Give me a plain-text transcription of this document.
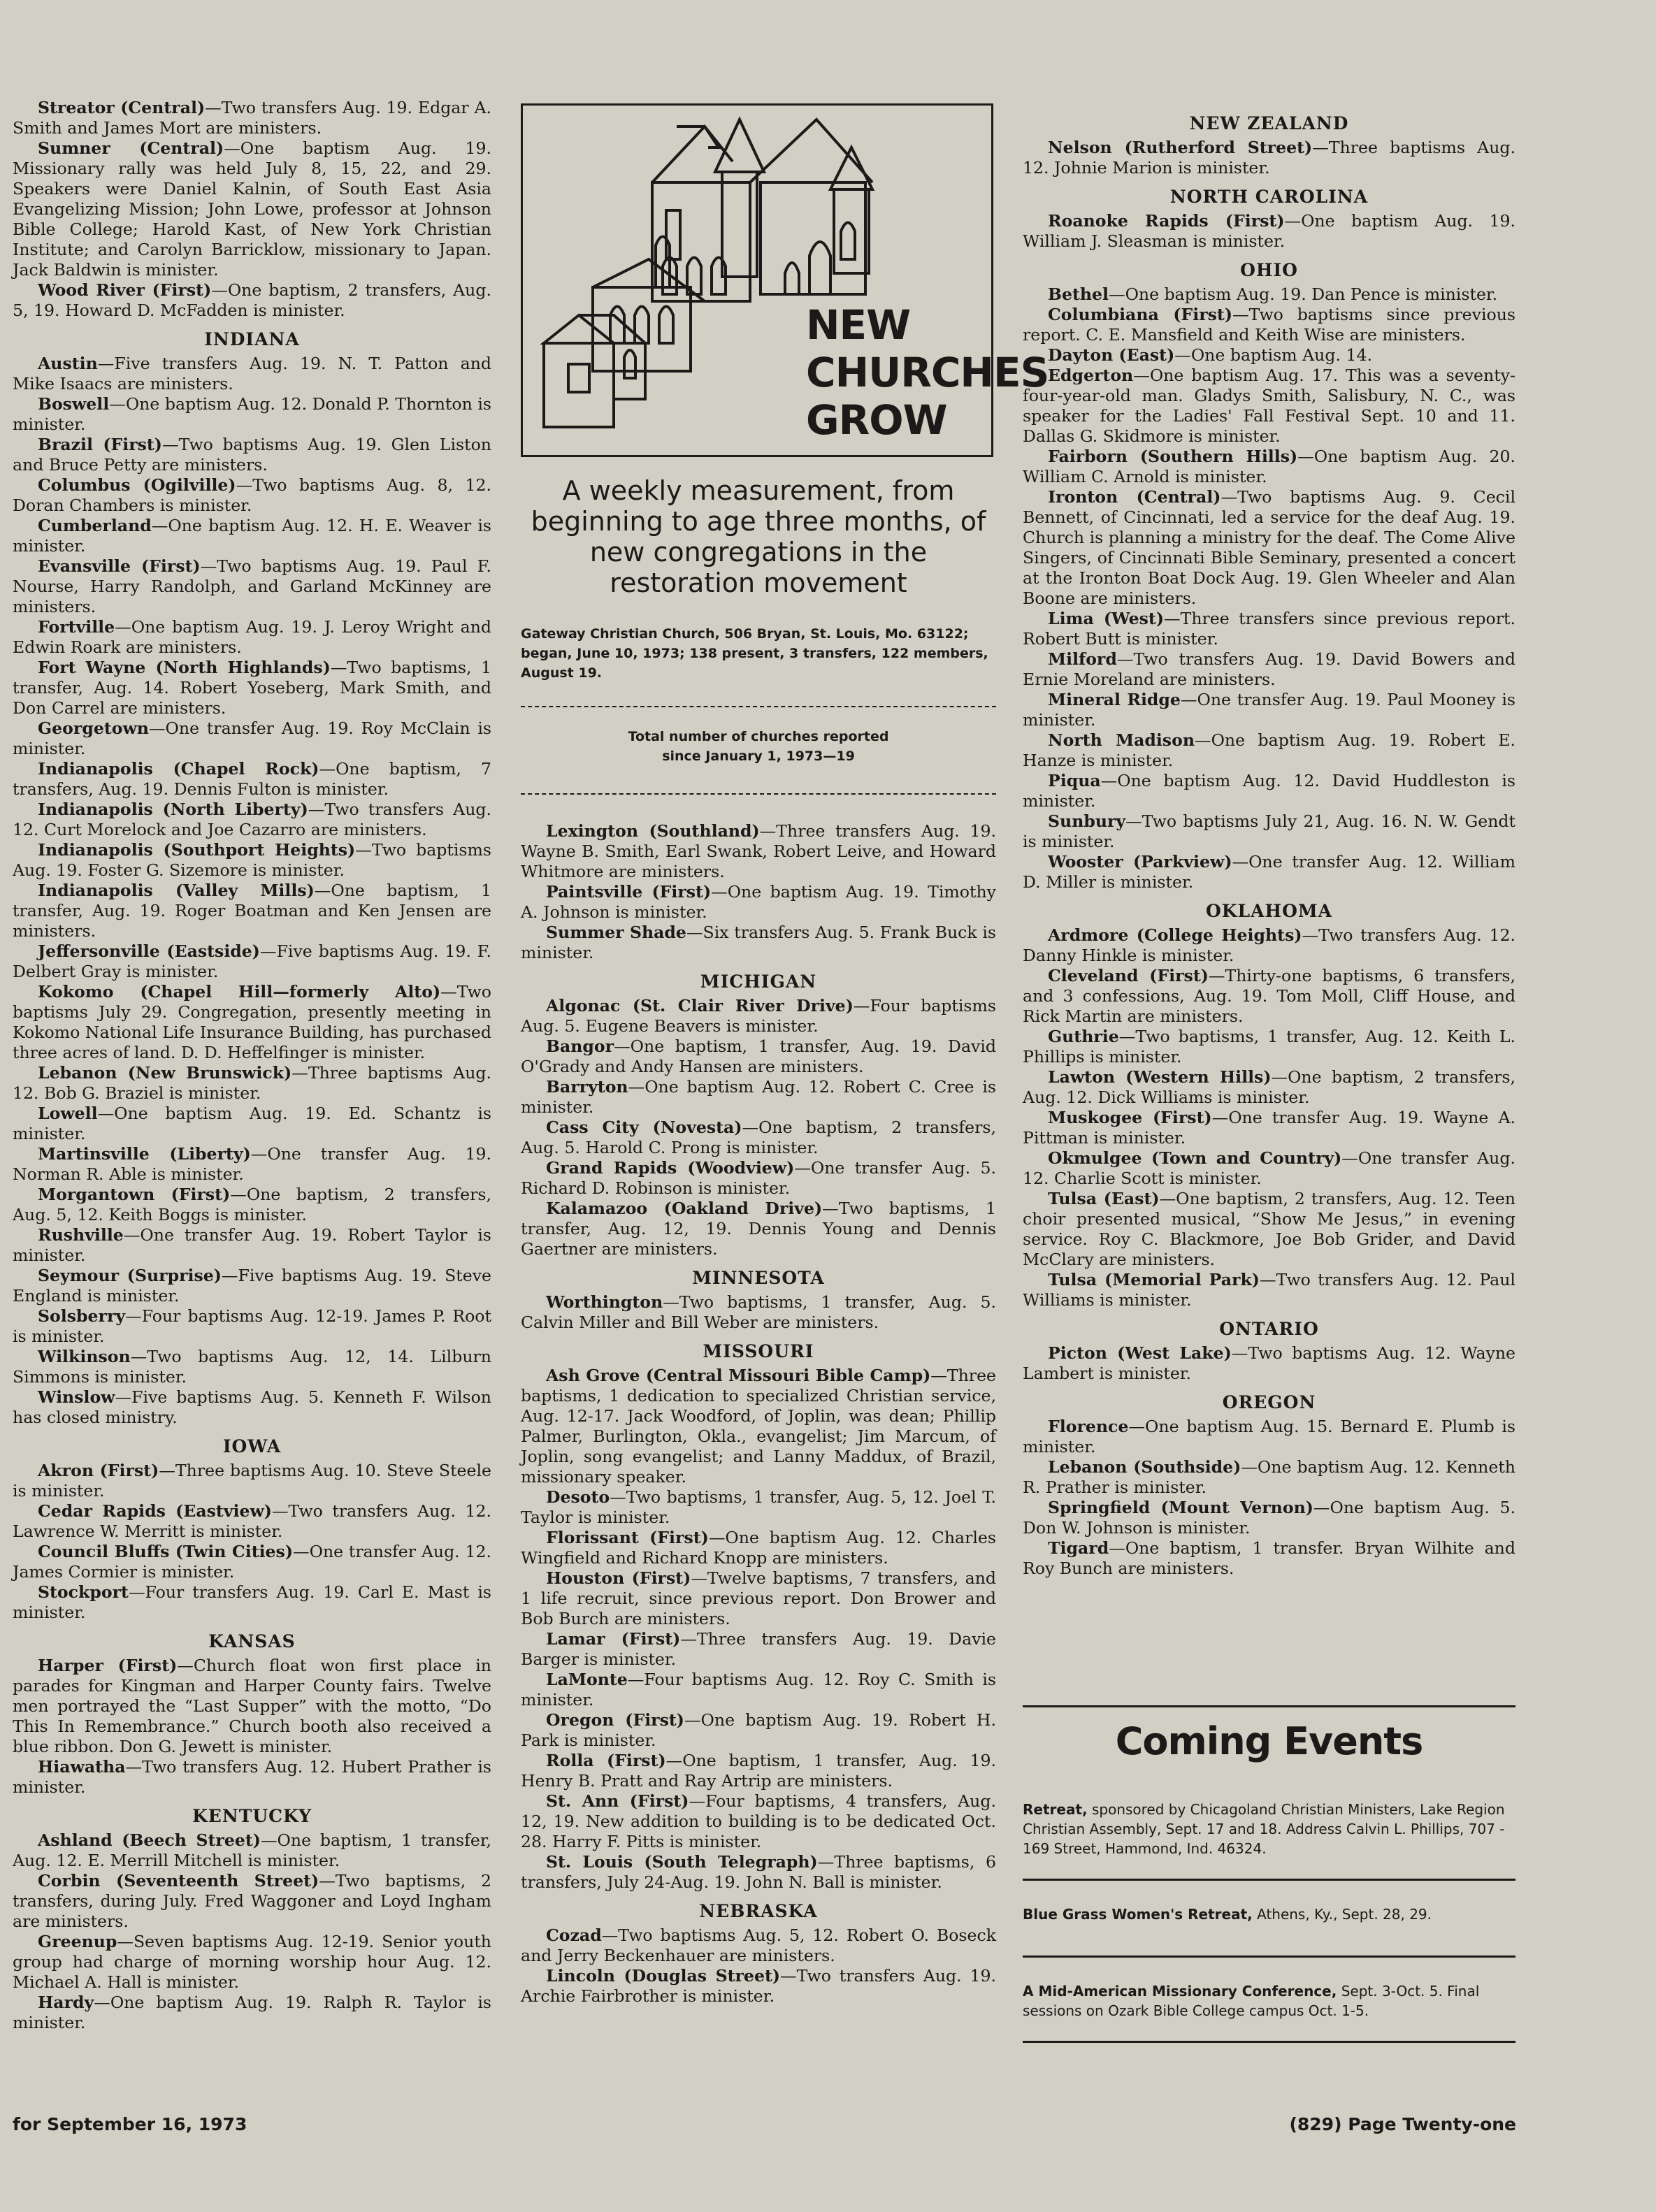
Streator (Central)—Two transfers Aug. 19. Edgar A. Smith and James Mort are ministers.

Sumner (Central)—One baptism Aug. 19. Missionary rally was held July 8, 15, 22, and 29. Speakers were Daniel Kalnin, of South East Asia Evangelizing Mission; John Lowe, professor at Johnson Bible College; Harold Kast, of New York Christian Institute; and Carolyn Barricklow, missionary to Japan. Jack Baldwin is minister.

Wood River (First)—One baptism, 2 transfers, Aug. 5, 19. Howard D. McFadden is minister.

INDIANA

Austin—Five transfers Aug. 19. N. T. Patton and Mike Isaacs are ministers.

Boswell—One baptism Aug. 12. Donald P. Thornton is minister.

Brazil (First)—Two baptisms Aug. 19. Glen Liston and Bruce Petty are ministers.

Columbus (Ogilville)—Two baptisms Aug. 8, 12. Doran Chambers is minister.

Cumberland—One baptism Aug. 12. H. E. Weaver is minister.

Evansville (First)—Two baptisms Aug. 19. Paul F. Nourse, Harry Randolph, and Garland McKinney are ministers.

Fortville—One baptism Aug. 19. J. Leroy Wright and Edwin Roark are ministers.

Fort Wayne (North Highlands)—Two baptisms, 1 transfer, Aug. 14. Robert Yoseberg, Mark Smith, and Don Carrel are ministers.

Georgetown—One transfer Aug. 19. Roy McClain is minister.

Indianapolis (Chapel Rock)—One baptism, 7 transfers, Aug. 19. Dennis Fulton is minister.

Indianapolis (North Liberty)—Two transfers Aug. 12. Curt Morelock and Joe Cazarro are ministers.

Indianapolis (Southport Heights)—Two baptisms Aug. 19. Foster G. Sizemore is minister.

Indianapolis (Valley Mills)—One baptism, 1 transfer, Aug. 19. Roger Boatman and Ken Jensen are ministers.

Jeffersonville (Eastside)—Five baptisms Aug. 19. F. Delbert Gray is minister.

Kokomo (Chapel Hill—formerly Alto)—Two baptisms July 29. Congregation, presently meeting in Kokomo National Life Insurance Building, has purchased three acres of land. D. D. Heffelfinger is minister.

Lebanon (New Brunswick)—Three baptisms Aug. 12. Bob G. Braziel is minister.

Lowell—One baptism Aug. 19. Ed. Schantz is minister.

Martinsville (Liberty)—One transfer Aug. 19. Norman R. Able is minister.

Morgantown (First)—One baptism, 2 transfers, Aug. 5, 12. Keith Boggs is minister.

Rushville—One transfer Aug. 19. Robert Taylor is minister.

Seymour (Surprise)—Five baptisms Aug. 19. Steve England is minister.

Solsberry—Four baptisms Aug. 12-19. James P. Root is minister.

Wilkinson—Two baptisms Aug. 12, 14. Lilburn Simmons is minister.

Winslow—Five baptisms Aug. 5. Kenneth F. Wilson has closed ministry.

IOWA

Akron (First)—Three baptisms Aug. 10. Steve Steele is minister.

Cedar Rapids (Eastview)—Two transfers Aug. 12. Lawrence W. Merritt is minister.

Council Bluffs (Twin Cities)—One transfer Aug. 12. James Cormier is minister.

Stockport—Four transfers Aug. 19. Carl E. Mast is minister.

KANSAS

Harper (First)—Church float won first place in parades for Kingman and Harper County fairs. Twelve men portrayed the “Last Supper” with the motto, “Do This In Remembrance.” Church booth also received a blue ribbon. Don G. Jewett is minister.

Hiawatha—Two transfers Aug. 12. Hubert Prather is minister.

KENTUCKY

Ashland (Beech Street)—One baptism, 1 transfer, Aug. 12. E. Merrill Mitchell is minister.

Corbin (Seventeenth Street)—Two baptisms, 2 transfers, during July. Fred Waggoner and Loyd Ingham are ministers.

Greenup—Seven baptisms Aug. 12-19. Senior youth group had charge of morning worship hour Aug. 12. Michael A. Hall is minister.

Hardy—One baptism Aug. 19. Ralph R. Taylor is minister.

NEW
CHURCHES
GROW
A weekly measurement, from beginning to age three months, of new congregations in the restoration movement
Gateway Christian Church, 506 Bryan, St. Louis, Mo. 63122; began, June 10, 1973; 138 present, 3 transfers, 122 members, August 19.
Total number of churches reported
since January 1, 1973—19

Lexington (Southland)—Three transfers Aug. 19. Wayne B. Smith, Earl Swank, Robert Leive, and Howard Whitmore are ministers.

Paintsville (First)—One baptism Aug. 19. Timothy A. Johnson is minister.

Summer Shade—Six transfers Aug. 5. Frank Buck is minister.

MICHIGAN

Algonac (St. Clair River Drive)—Four baptisms Aug. 5. Eugene Beavers is minister.

Bangor—One baptism, 1 transfer, Aug. 19. David O'Grady and Andy Hansen are ministers.

Barryton—One baptism Aug. 12. Robert C. Cree is minister.

Cass City (Novesta)—One baptism, 2 transfers, Aug. 5. Harold C. Prong is minister.

Grand Rapids (Woodview)—One transfer Aug. 5. Richard D. Robinson is minister.

Kalamazoo (Oakland Drive)—Two baptisms, 1 transfer, Aug. 12, 19. Dennis Young and Dennis Gaertner are ministers.

MINNESOTA

Worthington—Two baptisms, 1 transfer, Aug. 5. Calvin Miller and Bill Weber are ministers.

MISSOURI

Ash Grove (Central Missouri Bible Camp)—Three baptisms, 1 dedication to specialized Christian service, Aug. 12-17. Jack Woodford, of Joplin, was dean; Phillip Palmer, Burlington, Okla., evangelist; Jim Marcum, of Joplin, song evangelist; and Lanny Maddux, of Brazil, missionary speaker.

Desoto—Two baptisms, 1 transfer, Aug. 5, 12. Joel T. Taylor is minister.

Florissant (First)—One baptism Aug. 12. Charles Wingfield and Richard Knopp are ministers.

Houston (First)—Twelve baptisms, 7 transfers, and 1 life recruit, since previous report. Don Brower and Bob Burch are ministers.

Lamar (First)—Three transfers Aug. 19. Davie Barger is minister.

LaMonte—Four baptisms Aug. 12. Roy C. Smith is minister.

Oregon (First)—One baptism Aug. 19. Robert H. Park is minister.

Rolla (First)—One baptism, 1 transfer, Aug. 19. Henry B. Pratt and Ray Artrip are ministers.

St. Ann (First)—Four baptisms, 4 transfers, Aug. 12, 19. New addition to building is to be dedicated Oct. 28. Harry F. Pitts is minister.

St. Louis (South Telegraph)—Three baptisms, 6 transfers, July 24-Aug. 19. John N. Ball is minister.

NEBRASKA

Cozad—Two baptisms Aug. 5, 12. Robert O. Boseck and Jerry Beckenhauer are ministers.

Lincoln (Douglas Street)—Two transfers Aug. 19. Archie Fairbrother is minister.

NEW ZEALAND

Nelson (Rutherford Street)—Three baptisms Aug. 12. Johnie Marion is minister.

NORTH CAROLINA

Roanoke Rapids (First)—One baptism Aug. 19. William J. Sleasman is minister.

OHIO

Bethel—One baptism Aug. 19. Dan Pence is minister.

Columbiana (First)—Two baptisms since previous report. C. E. Mansfield and Keith Wise are ministers.

Dayton (East)—One baptism Aug. 14.

Edgerton—One baptism Aug. 17. This was a seventy-four-year-old man. Gladys Smith, Salisbury, N. C., was speaker for the Ladies' Fall Festival Sept. 10 and 11. Dallas G. Skidmore is minister.

Fairborn (Southern Hills)—One baptism Aug. 20. William C. Arnold is minister.

Ironton (Central)—Two baptisms Aug. 9. Cecil Bennett, of Cincinnati, led a service for the deaf Aug. 19. Church is planning a ministry for the deaf. The Come Alive Singers, of Cincinnati Bible Seminary, presented a concert at the Ironton Boat Dock Aug. 19. Glen Wheeler and Alan Boone are ministers.

Lima (West)—Three transfers since previous report. Robert Butt is minister.

Milford—Two transfers Aug. 19. David Bowers and Ernie Moreland are ministers.

Mineral Ridge—One transfer Aug. 19. Paul Mooney is minister.

North Madison—One baptism Aug. 19. Robert E. Hanze is minister.

Piqua—One baptism Aug. 12. David Huddleston is minister.

Sunbury—Two baptisms July 21, Aug. 16. N. W. Gendt is minister.

Wooster (Parkview)—One transfer Aug. 12. William D. Miller is minister.

OKLAHOMA

Ardmore (College Heights)—Two transfers Aug. 12. Danny Hinkle is minister.

Cleveland (First)—Thirty-one baptisms, 6 transfers, and 3 confessions, Aug. 19. Tom Moll, Cliff House, and Rick Martin are ministers.

Guthrie—Two baptisms, 1 transfer, Aug. 12. Keith L. Phillips is minister.

Lawton (Western Hills)—One baptism, 2 transfers, Aug. 12. Dick Williams is minister.

Muskogee (First)—One transfer Aug. 19. Wayne A. Pittman is minister.

Okmulgee (Town and Country)—One transfer Aug. 12. Charlie Scott is minister.

Tulsa (East)—One baptism, 2 transfers, Aug. 12. Teen choir presented musical, “Show Me Jesus,” in evening service. Roy C. Blackmore, Joe Bob Grider, and David McClary are ministers.

Tulsa (Memorial Park)—Two transfers Aug. 12. Paul Williams is minister.

ONTARIO

Picton (West Lake)—Two baptisms Aug. 12. Wayne Lambert is minister.

OREGON

Florence—One baptism Aug. 15. Bernard E. Plumb is minister.

Lebanon (Southside)—One baptism Aug. 12. Kenneth R. Prather is minister.

Springfield (Mount Vernon)—One baptism Aug. 5. Don W. Johnson is minister.

Tigard—One baptism, 1 transfer. Bryan Wilhite and Roy Bunch are ministers.

Coming Events
Retreat, sponsored by Chicagoland Christian Ministers, Lake Region Christian Assembly, Sept. 17 and 18. Address Calvin L. Phillips, 707 - 169 Street, Hammond, Ind. 46324.
Blue Grass Women's Retreat, Athens, Ky., Sept. 28, 29.
A Mid-American Missionary Conference, Sept. 3-Oct. 5. Final sessions on Ozark Bible College campus Oct. 1-5.
for September 16, 1973	(829) Page Twenty-one
